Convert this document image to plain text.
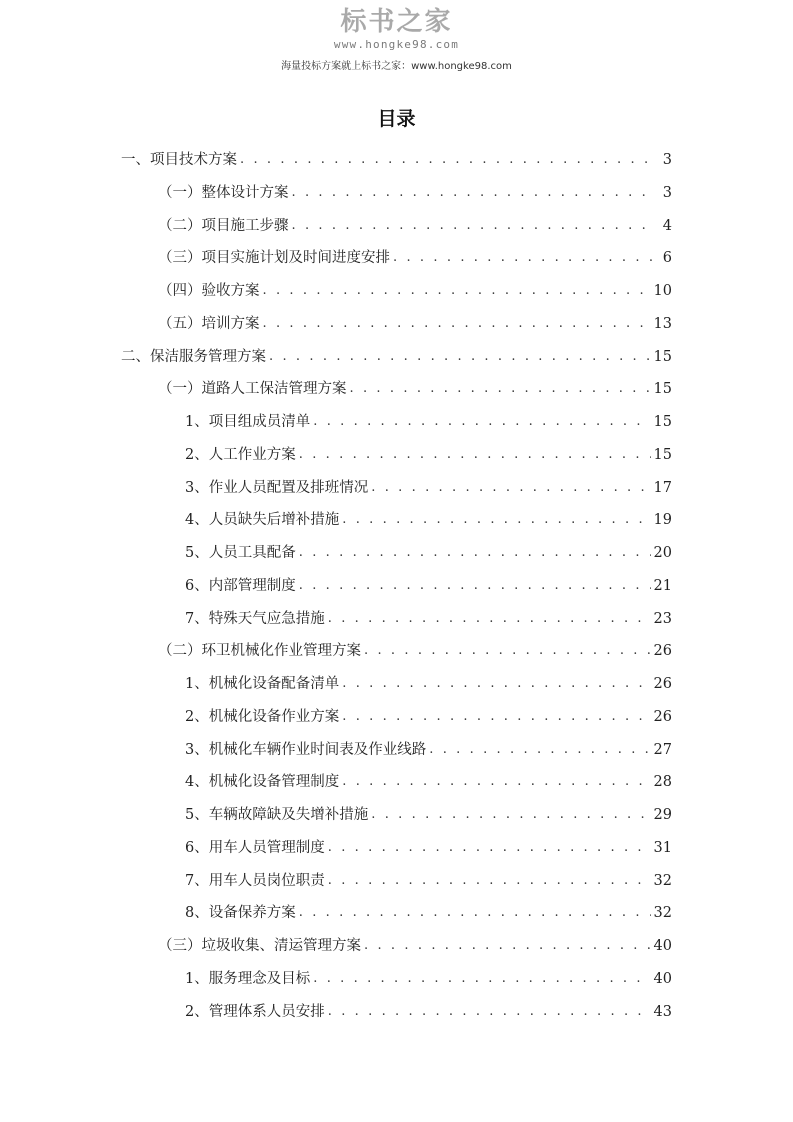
标书之家
www.hongke98.com
海量投标方案就上标书之家：www.hongke98.com
目录
一、项目技术方案 . . .	3
（一）整体设计方案 . . .	3
（二）项目施工步骤 . . .	4
（三）项目实施计划及时间进度安排 . . .	6
（四）验收方案 . . .	10
（五）培训方案 . . .	13
二、保洁服务管理方案 . . .	15
（一）道路人工保洁管理方案 . . .	15
1、项目组成员清单 . . .	15
2、人工作业方案 . . .	15
3、作业人员配置及排班情况 . . .	17
4、人员缺失后增补措施 . . .	19
5、人员工具配备 . . .	20
6、内部管理制度 . . .	21
7、特殊天气应急措施 . . .	23
（二）环卫机械化作业管理方案 . . .	26
1、机械化设备配备清单 . . .	26
2、机械化设备作业方案 . . .	26
3、机械化车辆作业时间表及作业线路 . . .	27
4、机械化设备管理制度 . . .	28
5、车辆故障缺及失增补措施 . . .	29
6、用车人员管理制度 . . .	31
7、用车人员岗位职责 . . .	32
8、设备保养方案 . . .	32
（三）垃圾收集、清运管理方案 . . .	40
1、服务理念及目标 . . .	40
2、管理体系人员安排 . . .	43
